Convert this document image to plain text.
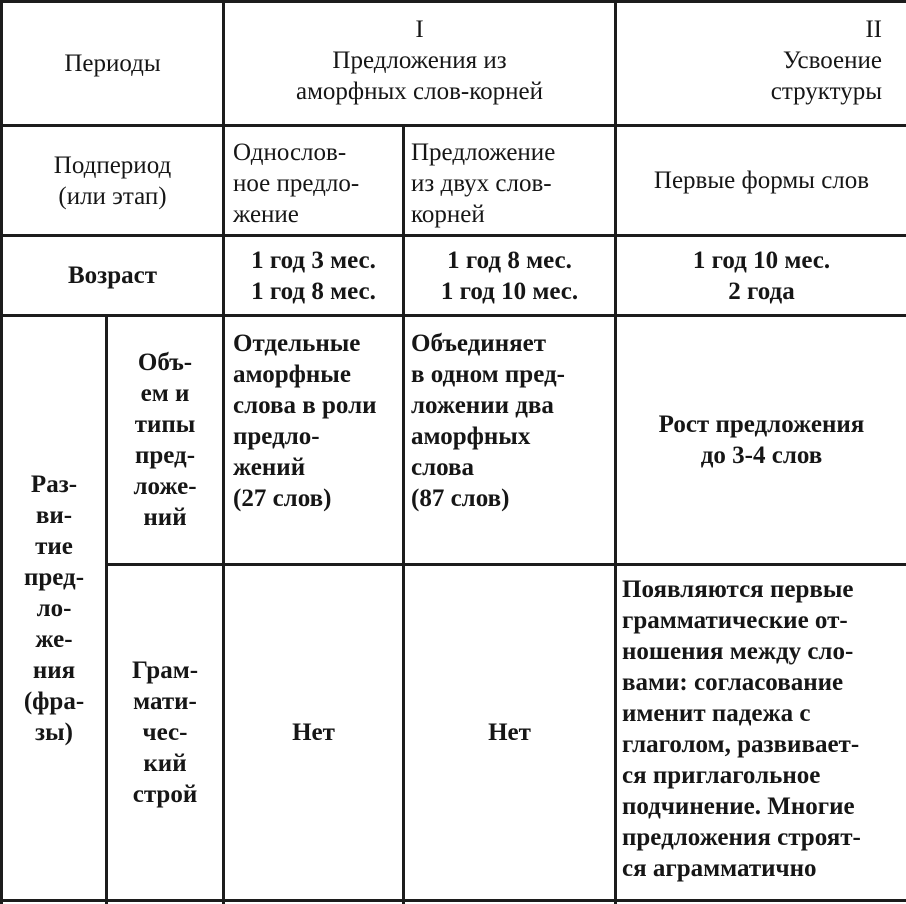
Периоды
I
Предложения из
аморфных слов-корней
II
Усвоение
структуры
Подпериод
(или этап)
Однослов-
ное предло-
жение
Предложение
из двух слов-
корней
Первые формы слов
Возраст
1 год 3 мес.
1 год 8 мес.
1 год 8 мес.
1 год 10 мес.
1 год 10 мес.
2 года
Раз-
ви-
тие
пред-
ло-
же-
ния
(фра-
зы)
Объ-
ем и
типы
пред-
ложе-
ний
Отдельные
аморфные
слова в роли
предло-
жений
(27 слов)
Объединяет
в одном пред-
ложении два
аморфных
слова
(87 слов)
Рост предложения
до 3-4 слов
Грам-
мати-
чес-
кий
строй
Нет	Нет
Появляются первые
грамматические от-
ношения между сло-
вами: согласование
именит падежа с
глаголом, развивает-
ся приглагольное
подчинение. Многие
предложения строят-
ся аграмматично
